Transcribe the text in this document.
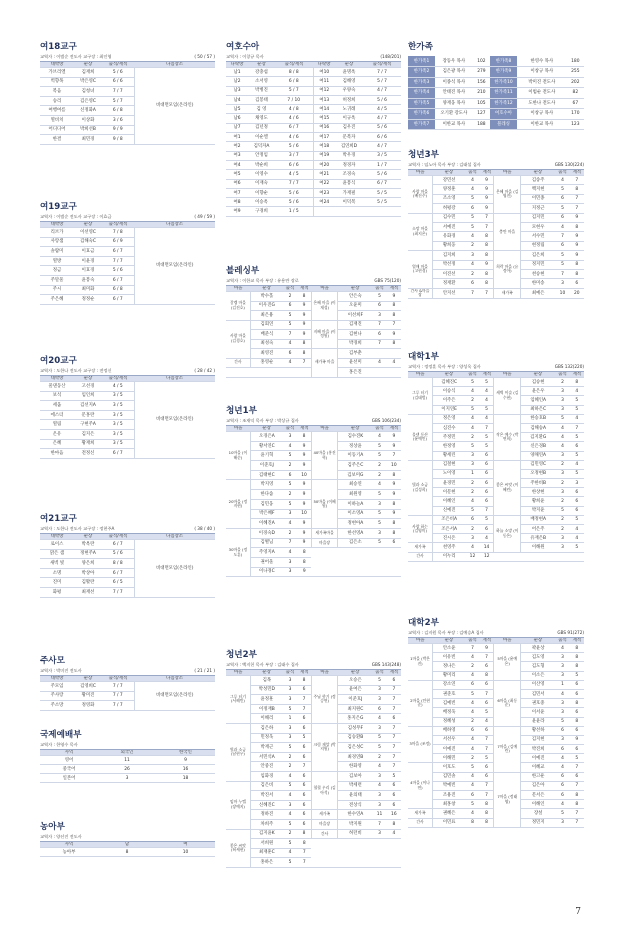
여18교구
교역자 : 이범순 전도사 교구장 : 최인영	( 50 / 57 )
대박방	순장	출석/재적	다짐장소
가브리엘	김재희	5 / 6	비대면모임(온라인)
벽향목	박은영C	6 / 6	
복음	김청녀	7 / 7	
승리	김은영C	5 / 7	
여행여름	신정화A	6 / 8	
열비치	이상화	3 / 6	
어디디어	박희선B	9 / 9	
한결	최민경	9 / 8	
여19교구
교역자 : 이범순 전도사 교구장 : 이효금	( 49 / 59 )
대박방	순장	출석/재적	다짐장소
리브가	이선영C	7 / 8	비대면모임(온라인)
사랑샘	김해숙C	6 / 9	
솔람미	이효금	6 / 7	
열방	이윤경	7 / 7	
정금	이효경	5 / 6	
주말물	윤봉숙	6 / 7	
주시	최미화	6 / 8	
주은혜	정정순	6 / 7	
여20교구
교역자 : 도한나 전도사 교구장 : 전정신	( 28 / 42 )
대박방	순장	출석/재적	다짐장소
물댄동산	고선경	4 / 5	비대면모임(온라인)
보석	임인희	3 / 5	
세움	김선지A	3 / 5	
에스더	문홍란	3 / 5	
열림	구현주A	3 / 5	
온유	김지은	3 / 5	
은혜	황재희	3 / 5	
한마음	전정신	6 / 7	
여21교구
교역자 : 도한나 전도사 교구장 : 정현주A	( 38 / 40 )
대박방	순장	출석/재적	다짐장소
로이스	박옥란	6 / 7	비대면모임(온라인)
맑은 샘	정현주A	5 / 6	
새벽 빛	양은희	8 / 8	
소명	박상아	6 / 7	
진미	김활란	6 / 5	
화평	최재선	7 / 7	
주사모
교역자 : 박미진 전도사	( 21 / 21 )
대박방	순장	출석/재적	다짐장소
주모임	김영희C	7 / 7	비대면모임(온라인)
주사랑	황미진	7 / 7	
주소망	정영화	7 / 7	
국제예배부
교역자 : 한영수 목사
사역	외국인	한국인
영어	11	9
중국어	26	16
일본어	3	18
농아부
교역자 : 양선진 전도사
사역	남	여
농아부	8	10
여호수아
교역자 : 이창규 목사	(148/201)
다락방	순장	출석/재적	다락방	순장	출석/재적
남1	강충섭	8 / 8	여10	윤명옥	7 / 7
남2	소서영	6 / 8	여11	김해영	5 / 7
남3	박병진	5 / 7	여12	우양숙	4 / 7
남4	김봉태	7 / 10	여13	허정희	5 / 6
남5	김 영	4 / 8	여14	노귀례	4 / 5
남6	채영도	4 / 6	여15	이규옥	4 / 7
남7	김년정	6 / 7	여16	김우진	5 / 6
여1	이순엘	4 / 6	여17	문복자	6 / 6
여2	김덕자A	5 / 6	여18	김연희D	4 / 7
여3	안정임	3 / 7	여19	박우경	3 / 5
여4	박순희	6 / 6	여20	정경자	1 / 7
여5	이영수	4 / 5	여21	조경숙	5 / 6
여6	이재숙	7 / 7	여22	윤봉식	6 / 7
여7	이향순	5 / 6	여23	가재필	5 / 5
여8	이승옥	5 / 6	여24	이덕복	5 / 5
여9	구경희	1 / 5			
블레싱부
교역자 : 이한교 목사 부장 : 유용만 장로	GBS 75(120)
마을	순장	출석	재적	마을	순장	출석	재적
갈렙 마을 (김진호)	박수홀	2	8	은혜 마을 (이재성)	안은숙	5	9
	이우진G	6	9		오윤미	6	8
	최은용	5	9		이선희F	3	8
사랑 마을 (김경호)	김회연	5	9	지혜 마을 (이정원)	김재진	7	7
	배준식	7	9		김현나	6	9
	최성숙	4	8		박경희	7	8
	최영진	6	8	새가족 마을	김부춘		
간사	홍영순	4	7		윤선미	4	4
					홍은진		
청년1부
교역자 : 조재익 목사 부장 : 박상규 집사	GBS 106(234)
마을	순장	출석	재적	마을	순장	출석	재적
10마을 (이해순)	오경은A	3	8	40마을 (홍진혁)	김수진K	4	9
	황서연C	4	9		정상윤	5	9
	윤기혁	5	9		이동기A	5	7
	이준호J	2	9		김주은C	2	10
	김태현C	6	10		김보미G	2	8
20마을 (정지현)	박지영	5	9	50마을 (이혜원)	최승연	4	9
	한다솜	2	9		최원영	5	9
	김민웅	5	9		이하늘A	3	8
	박은혜F	3	10		이소영A	5	9
	이혜진A	4	9		정현아A	5	8
30마을 (정도훈)	이경숙D	2	9	새가족마을	한선영A	3	8
	김별님	7	9	마을장	김은소	5	6
	주영지A	4	8				
	권어울	3	8				
	이나경C	3	9				
청년2부
교역자 : 백지헌 목사 부장 : 김태수 집사	GBS 143(248)
마을	순장	출석	재적	마을	순장	출석	재적
그루 터기 (서해민)	김목	3	8	주님 향기 (정승연)	오승은	5	6
	박성민D	3	6		윤여은	3	7
	윤정훈	3	7		이준호J	3	7
	이정재B	5	7		최지원C	6	7
	이해리	1	6		홍지은G	4	6
빛과 소금 (남현우)	김은하	3	6	크림 재앙 (박지원)	김성무F	3	7
	민정욱	3	5		김승환B	5	7
	박재근	5	6		김은성C	5	7
	서민석A	2	6		최경연B	2	7
	안중진	2	7		한화영	4	7
	임화경	4	6	혈혈 우리 (김아석)	김보아	3	5
임마 누엘 (장예지)	김은비	5	6		박세련	4	6
	박진서	4	6		윤의태	3	6
	신혜진C	3	6		전상식	3	6
	정하진	4	6	새가족	한수연A	11	16
	차희주	5	6	마을장	박지원	7	8
좋은 씨앗 (허세현)	김지윤K	2	8	간사	허던비	3	4
	서희원	5	8				
	최재훈C	4	7				
	홍하은	5	7				
한가족
한가족1	장동우 목사	102	한가족8	한영수 목사	180
한가족2	김은광 목사	279	한가족9	이창규 목사	255
한가족3	이종석 목사	156	한가족10	박미진 전도사	202
한가족4	안태진 목사	210	한가족11	이범순 전도사	82
한가족5	양재웅 목사	105	한가족12	도한나 전도사	67
한가족6	오기환 강도사	127	여호수아	이창규 목사	170
한가족7	이한교 목사	188	블레싱	이한교 목사	123
청년3부
교역자 : 임노아 목사 부장 : 김태섭 집사	GBS 130(224)
마을	순장	출석	재적	마을	순장	출석	재적
사랑 마을 (배진주)	강민선	4	9	은혜 마을 (김영진)	김송주	4	7
	양정훈	4	9		백지현	5	8
	조소영	5	9		이민종	6	7
	허평강	6	9		지정근	5	7
소망 마을 (최지은)	김수민	5	7	충만 마을	김지민	6	9
	서예진	5	7		모현우	4	8
	유화경	4	8		서수민	7	9
	황희웅	2	8		현정림	6	9
열매 마을 (고현경)	김지희	3	8	희락 마을 (유정아)	김은희	5	9
	박선정	4	9		정지민	5	8
	이진선	2	8		천승현	7	8
	정재환	6	8		한미송	3	6
간사 &마을장	안지선	7	7	새가족	최예은	10	20
대학1부
교역자 : 정정훈 목사 부장 : 양성욱 집사	GBS 132(220)
마을	순장	출석	재적	마을	순장	출석	재적
그루 터기 (김태범)	김혜진C	5	5	새벽 이슬 (김수현)	김승현	2	8
	이승식	4	4		윤은우	3	4
	이주은	2	4		임혜인A	3	5
	이지연E	5	5		최하은C	3	5
물댄 동산 (윤예인)	정은영	4	4	작은 예수 (박연희)	한승호B	5	4
	심진수	4	7		김해승A	4	7
	주정민	2	5		김지환G	4	5
	한정영	5	5		신은경B	4	6
	황세린	3	6		양채연A	3	5
빛과 소금 (김성희)	김철현	3	6	좋은 씨앗 (이혜린)	김민영C	2	4
	노이영	1	6		오정현B	3	5
	윤경민	2	6		주한비B	2	3
	이문현	2	6		한상현	3	6
	이혜인	4	6		황희윤	2	6
	신예진	5	7		박지윤	5	6
사랑 하는 (김영미)	조은비A	6	5	하늘 소망 (이동은)	배정현A	2	5
	조은서A	2	6		어은주	2	4
	진시온	3	4		유재은B	3	4
새가족	천영주	4	14		이해원	3	5
간사	이누리	12	12				
대학2부
교역자 : 김지원 목사 부장 : 김예승A 집사	GBS 91(272)
마을	순장	출석	재적	마을	순장	출석	재적
1마을 (박은진)	안소윤	7	9	5마을 (윤예은)	곽윤상	4	8
	이유빈	4	7		김도영	3	8
	정나은	2	6		김도형	3	8
	황미리	4	8		이소은	3	5
2마을 (안현준)	강소연	6	6	6마을 (최동준)	이산영	1	6
	권준호	5	7		김민서	4	6
	김예빈	4	6		권호중	3	8
	배정욱	4	5		이서윤	3	6
	정혜성	2	4		윤윤라	5	8
3마을 (조정)	배하영	6	6	7마을 (김예린)	황선하	6	6
	서선우	4	7		김지현	3	9
	이예진	4	7		박진희	6	6
	이해민	2	5		이예진	4	5
4마을 (이나연)	이호도	5	6		이혜교	4	7
	김민솔	4	6	7마을 (정태영)	한고운	6	6
	박예빈	4	7		김은아	6	7
	조용진	6	7		문서은	6	8
	최홍창	5	8		이해인	4	8
새가족	권혜은	4	8		장설	5	7
간사	이민표	8	8		정민지	3	7
7
